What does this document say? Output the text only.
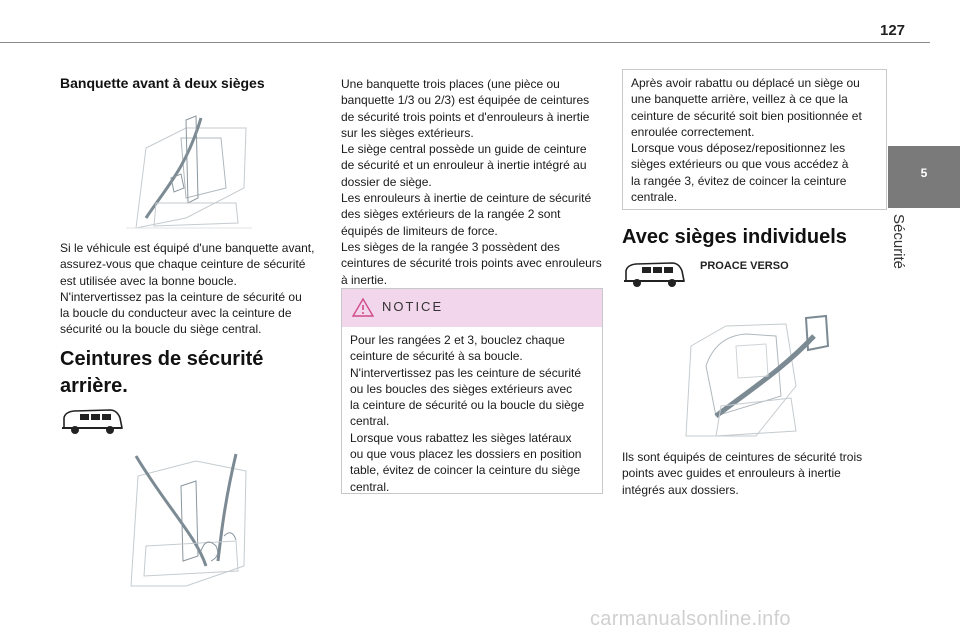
127
5
Sécurité
Banquette avant à deux sièges
Si le véhicule est équipé d'une banquette avant,
assurez-vous que chaque ceinture de sécurité
est utilisée avec la bonne boucle.
N'intervertissez pas la ceinture de sécurité ou
la boucle du conducteur avec la ceinture de
sécurité ou la boucle du siège central.
Ceintures de sécurité
arrière.
Une banquette trois places (une pièce ou
banquette 1/3 ou 2/3) est équipée de ceintures
de sécurité trois points et d'enrouleurs à inertie
sur les sièges extérieurs.
Le siège central possède un guide de ceinture
de sécurité et un enrouleur à inertie intégré au
dossier de siège.
Les enrouleurs à inertie de ceinture de sécurité
des sièges extérieurs de la rangée 2 sont
équipés de limiteurs de force.
Les sièges de la rangée 3 possèdent des
ceintures de sécurité trois points avec enrouleurs
à inertie.
NOTICE
Pour les rangées 2 et 3, bouclez chaque
ceinture de sécurité à sa boucle.
N'intervertissez pas les ceinture de sécurité
ou les boucles des sièges extérieurs avec
la ceinture de sécurité ou la boucle du siège
central.
Lorsque vous rabattez les sièges latéraux
ou que vous placez les dossiers en position
table, évitez de coincer la ceinture du siège
central.
Après avoir rabattu ou déplacé un siège ou
une banquette arrière, veillez à ce que la
ceinture de sécurité soit bien positionnée et
enroulée correctement.
Lorsque vous déposez/repositionnez les
sièges extérieurs ou que vous accédez à
la rangée 3, évitez de coincer la ceinture
centrale.
Avec sièges individuels
PROACE VERSO
Ils sont équipés de ceintures de sécurité trois
points avec guides et enrouleurs à inertie
intégrés aux dossiers.
carmanualsonline.info
